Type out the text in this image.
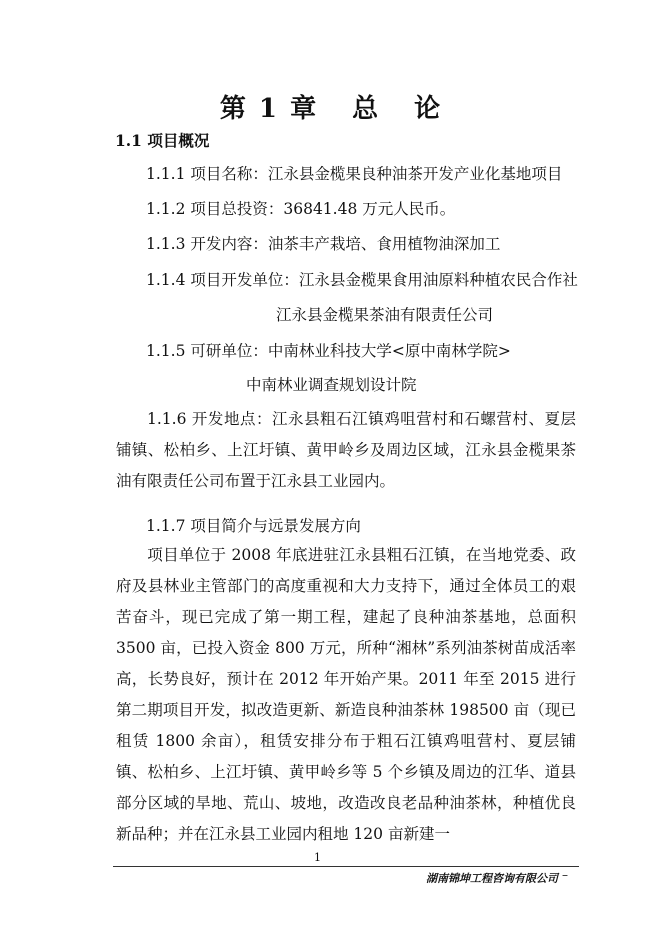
第 1 章 总 论
1.1 项目概况
1.1.1 项目名称：江永县金榄果良种油茶开发产业化基地项目
1.1.2 项目总投资：36841.48 万元人民币。
1.1.3 开发内容：油茶丰产栽培、食用植物油深加工
1.1.4 项目开发单位：江永县金榄果食用油原料种植农民合作社
江永县金榄果茶油有限责任公司
1.1.5 可研单位：中南林业科技大学<原中南林学院>
中南林业调查规划设计院
1.1.6 开发地点：江永县粗石江镇鸡咀营村和石螺营村、夏层铺镇、松柏乡、上江圩镇、黄甲岭乡及周边区域，江永县金榄果茶油有限责任公司布置于江永县工业园内。
1.1.7 项目简介与远景发展方向
项目单位于 2008 年底进驻江永县粗石江镇，在当地党委、政府及县林业主管部门的高度重视和大力支持下，通过全体员工的艰苦奋斗，现已完成了第一期工程，建起了良种油茶基地，总面积 3500 亩，已投入资金 800 万元，所种“湘林”系列油茶树苗成活率高，长势良好，预计在 2012 年开始产果。2011 年至 2015 进行第二期项目开发，拟改造更新、新造良种油茶林 198500 亩（现已租赁 1800 余亩），租赁安排分布于粗石江镇鸡咀营村、夏层铺镇、松柏乡、上江圩镇、黄甲岭乡等 5 个乡镇及周边的江华、道县部分区域的旱地、荒山、坡地，改造改良老品种油茶林，种植优良新品种；并在江永县工业园内租地 120 亩新建一
1
湖南锦坤工程咨询有限公司 –
